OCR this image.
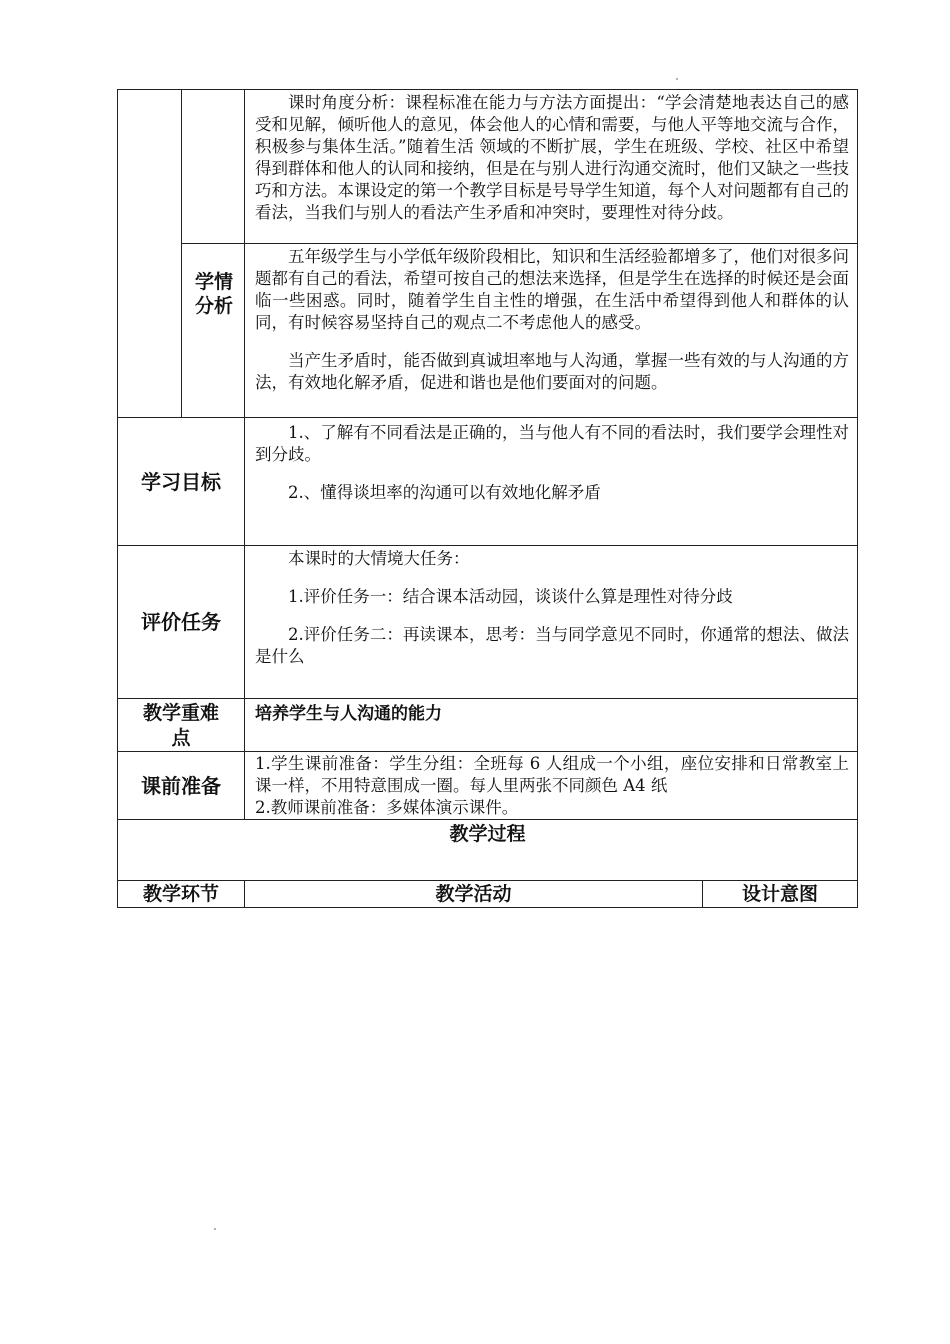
		课时角度分析：课程标准在能力与方法方面提出：“学会清楚地表达自己的感受和见解，倾听他人的意见，体会他人的心情和需要，与他人平等地交流与合作，积极参与集体生活。”随着生活 领域的不断扩展，学生在班级、学校、社区中希望得到群体和他人的认同和接纳，但是在与别人进行沟通交流时，他们又缺之一些技巧和方法。本课设定的第一个教学目标是号导学生知道，每个人对问题都有自己的看法，当我们与别人的看法产生矛盾和冲突时，要理性对待分歧。	

	学情分析	五年级学生与小学低年级阶段相比，知识和生活经验都增多了，他们对很多问题都有自己的看法，希望可按自己的想法来选择，但是学生在选择的时候还是会面临一些困惑。同时，随着学生自主性的增强，在生活中希望得到他人和群体的认同，有时候容易坚持自己的观点二不考虑他人的感受。
当产生矛盾时，能否做到真诚坦率地与人沟通，掌握一些有效的与人沟通的方法，有效地化解矛盾，促进和谐也是他们要面对的问题。	

学习目标		1.、了解有不同看法是正确的，当与他人有不同的看法时，我们要学会理性对到分歧。
2.、懂得谈坦率的沟通可以有效地化解矛盾	

评价任务		本课时的大情境大任务：
1.评价任务一：结合课本活动园，谈谈什么算是理性对待分歧
2.评价任务二：再读课本，思考：当与同学意见不同时，你通常的想法、做法是什么	

教学重难点		培养学生与人沟通的能力	

课前准备		1.学生课前准备：学生分组：全班每 6 人组成一个小组，座位安排和日常教室上课一样，不用特意围成一圈。每人里两张不同颜色 A4 纸
2.教师课前准备：多媒体演示课件。	

教学过程			
教学环节		教学活动	设计意图
